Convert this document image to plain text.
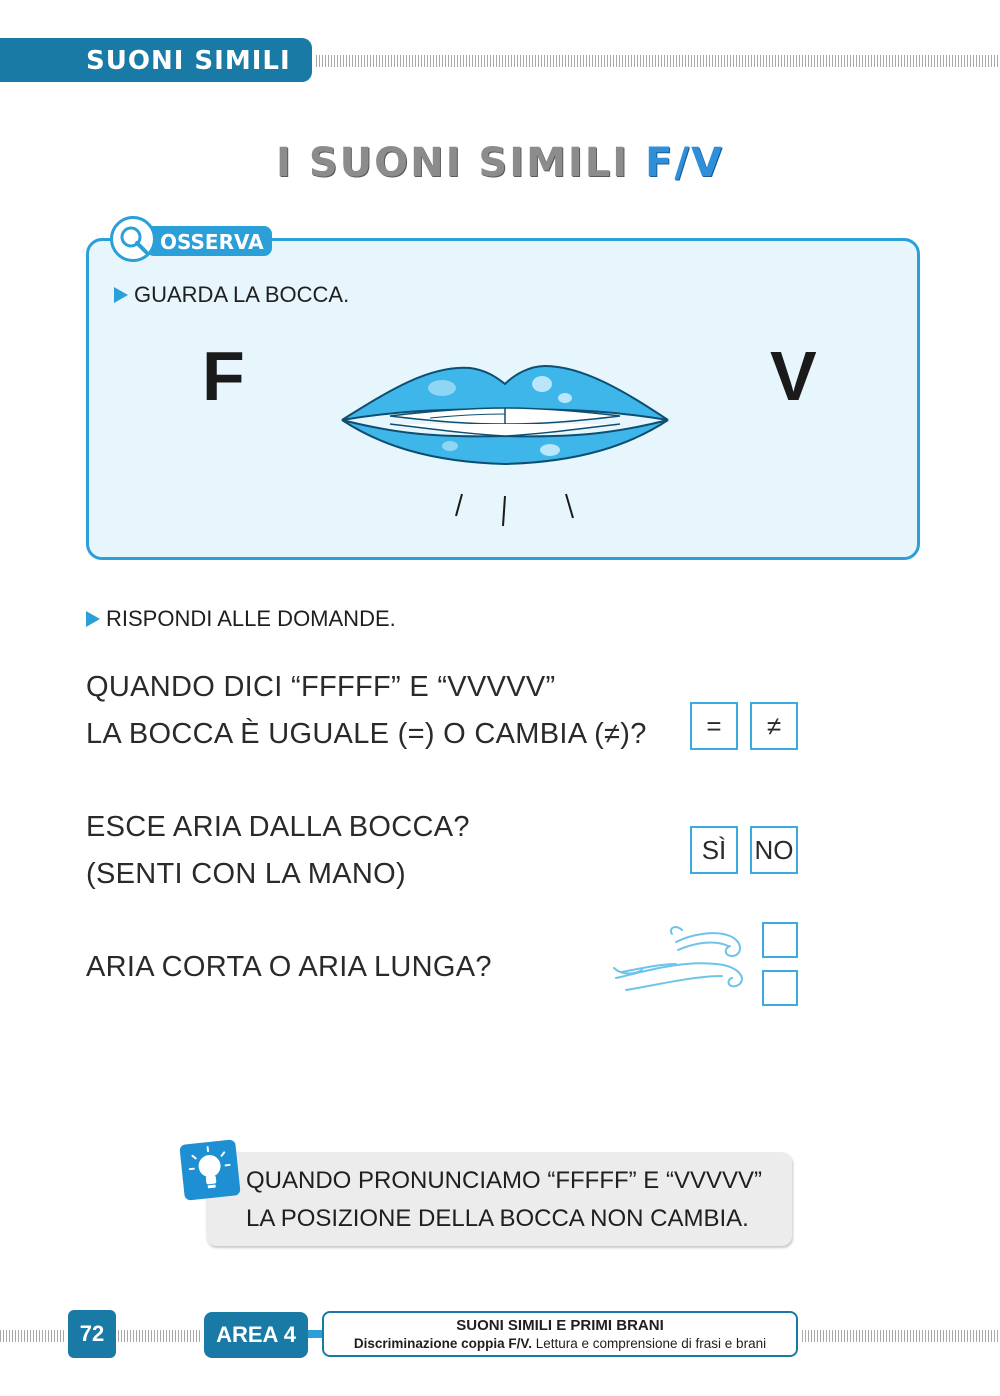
SUONI SIMILI
I SUONI SIMILI F/V
OSSERVA
GUARDA LA BOCCA.
F	V
RISPONDI ALLE DOMANDE.
QUANDO DICI “FFFFF” E “VVVVV”
LA BOCCA È UGUALE (=) O CAMBIA (≠)?	=	≠
ESCE ARIA DALLA BOCCA?
(SENTI CON LA MANO)
SÌ	NO
ARIA CORTA O ARIA LUNGA?
QUANDO PRONUNCIAMO “FFFFF” E “VVVVV”
LA POSIZIONE DELLA BOCCA NON CAMBIA.
72	AREA 4	SUONI SIMILI E PRIMI BRANI
Discriminazione coppia F/V. Lettura e comprensione di frasi e brani
